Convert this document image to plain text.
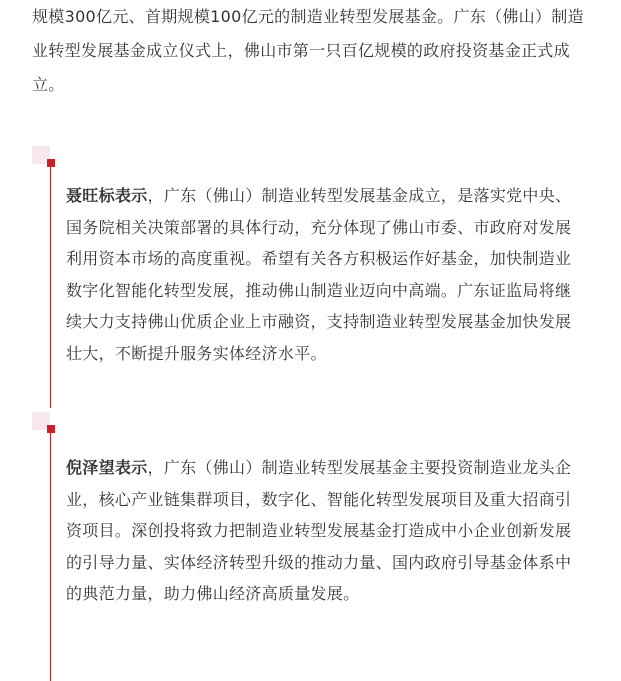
规模300亿元、首期规模100亿元的制造业转型发展基金。广东（佛山）制造业转型发展基金成立仪式上，佛山市第一只百亿规模的政府投资基金正式成立。

聂旺标表示，广东（佛山）制造业转型发展基金成立，是落实党中央、国务院相关决策部署的具体行动，充分体现了佛山市委、市政府对发展利用资本市场的高度重视。希望有关各方积极运作好基金，加快制造业数字化智能化转型发展，推动佛山制造业迈向中高端。广东证监局将继续大力支持佛山优质企业上市融资，支持制造业转型发展基金加快发展壮大，不断提升服务实体经济水平。

倪泽望表示，广东（佛山）制造业转型发展基金主要投资制造业龙头企业，核心产业链集群项目，数字化、智能化转型发展项目及重大招商引资项目。深创投将致力把制造业转型发展基金打造成中小企业创新发展的引导力量、实体经济转型升级的推动力量、国内政府引导基金体系中的典范力量，助力佛山经济高质量发展。
